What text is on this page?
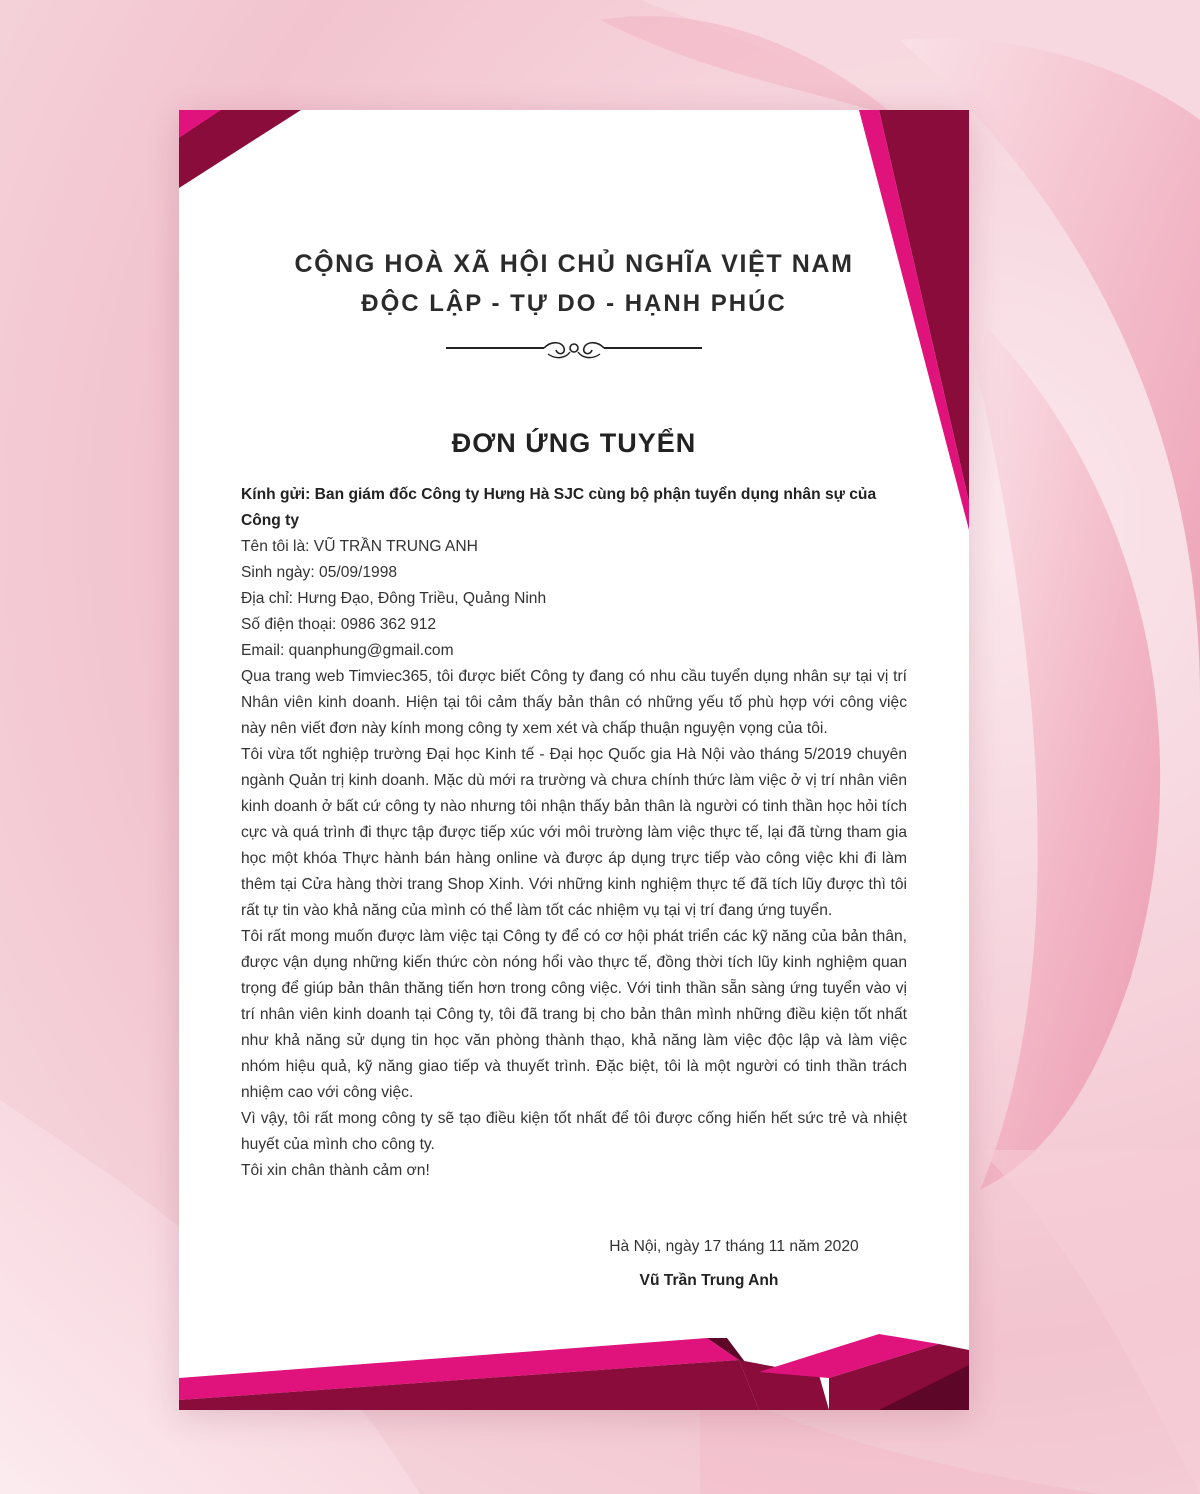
CỘNG HOÀ XÃ HỘI CHỦ NGHĨA VIỆT NAM
ĐỘC LẬP - TỰ DO - HẠNH PHÚC
ĐƠN ỨNG TUYỂN

Kính gửi: Ban giám đốc Công ty Hưng Hà SJC cùng bộ phận tuyển dụng nhân sự của Công ty

Tên tôi là: VŨ TRẦN TRUNG ANH

Sinh ngày: 05/09/1998

Địa chỉ: Hưng Đạo, Đông Triều, Quảng Ninh

Số điện thoại: 0986 362 912

Email: quanphung@gmail.com

Qua trang web Timviec365, tôi được biết Công ty đang có nhu cầu tuyển dụng nhân sự tại vị trí Nhân viên kinh doanh. Hiện tại tôi cảm thấy bản thân có những yếu tố phù hợp với công việc này nên viết đơn này kính mong công ty xem xét và chấp thuận nguyện vọng của tôi.

Tôi vừa tốt nghiệp trường Đại học Kinh tế - Đại học Quốc gia Hà Nội vào tháng 5/2019 chuyên ngành Quản trị kinh doanh. Mặc dù mới ra trường và chưa chính thức làm việc ở vị trí nhân viên kinh doanh ở bất cứ công ty nào nhưng tôi nhận thấy bản thân là người có tinh thần học hỏi tích cực và quá trình đi thực tập được tiếp xúc với môi trường làm việc thực tế, lại đã từng tham gia học một khóa Thực hành bán hàng online và được áp dụng trực tiếp vào công việc khi đi làm thêm tại Cửa hàng thời trang Shop Xinh. Với những kinh nghiệm thực tế đã tích lũy được thì tôi rất tự tin vào khả năng của mình có thể làm tốt các nhiệm vụ tại vị trí đang ứng tuyển.

Tôi rất mong muốn được làm việc tại Công ty để có cơ hội phát triển các kỹ năng của bản thân, được vận dụng những kiến thức còn nóng hổi vào thực tế, đồng thời tích lũy kinh nghiệm quan trọng để giúp bản thân thăng tiến hơn trong công việc. Với tinh thần sẵn sàng ứng tuyển vào vị trí nhân viên kinh doanh tại Công ty, tôi đã trang bị cho bản thân mình những điều kiện tốt nhất như khả năng sử dụng tin học văn phòng thành thạo, khả năng làm việc độc lập và làm việc nhóm hiệu quả, kỹ năng giao tiếp và thuyết trình. Đặc biệt, tôi là một người có tinh thần trách nhiệm cao với công việc.

Vì vậy, tôi rất mong công ty sẽ tạo điều kiện tốt nhất để tôi được cống hiến hết sức trẻ và nhiệt huyết của mình cho công ty.

Tôi xin chân thành cảm ơn!

Hà Nội, ngày 17 tháng 11 năm 2020
Vũ Trần Trung Anh
